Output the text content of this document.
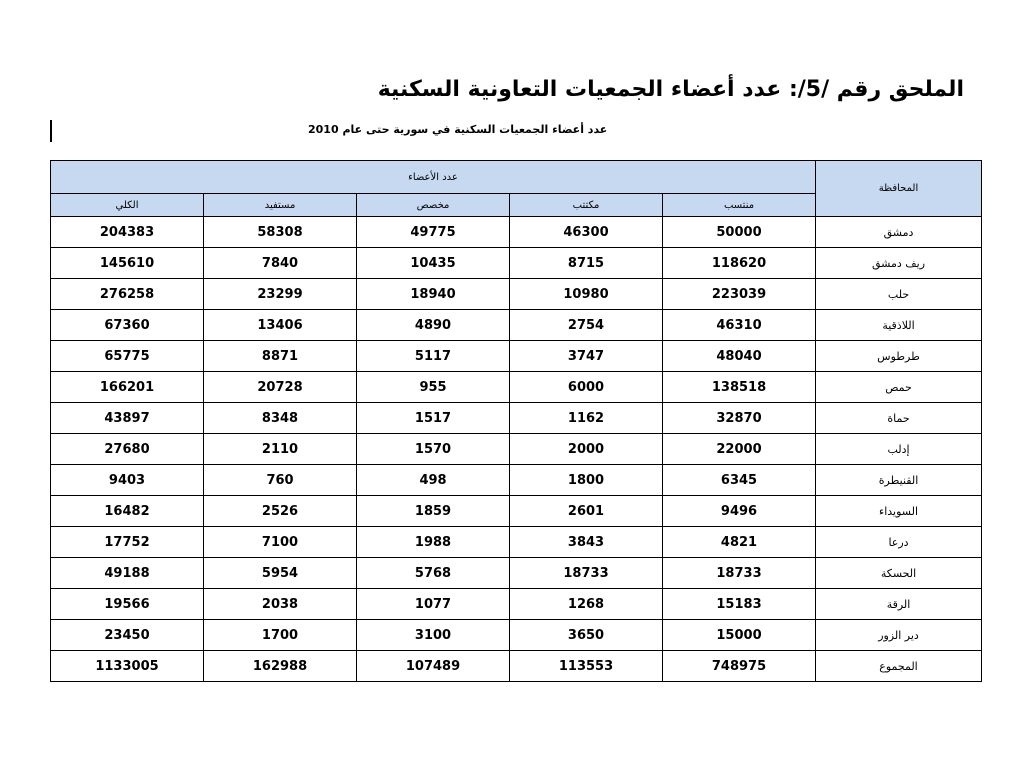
الملحق رقم /5/: عدد أعضاء الجمعيات التعاونية السكنية
عدد أعضاء الجمعيات السكنية في سورية حتى عام 2010
المحافظة	عدد الأعضاء				
	منتسب	مكتتب	مخصص	مستفيد	الكلي
دمشق	50000	46300	49775	58308	204383
ريف دمشق	118620	8715	10435	7840	145610
حلب	223039	10980	18940	23299	276258
اللاذقية	46310	2754	4890	13406	67360
طرطوس	48040	3747	5117	8871	65775
حمص	138518	6000	955	20728	166201
حماة	32870	1162	1517	8348	43897
إدلب	22000	2000	1570	2110	27680
القنيطرة	6345	1800	498	760	9403
السويداء	9496	2601	1859	2526	16482
درعا	4821	3843	1988	7100	17752
الحسكة	18733	18733	5768	5954	49188
الرقة	15183	1268	1077	2038	19566
دير الزور	15000	3650	3100	1700	23450
المجموع	748975	113553	107489	162988	1133005
